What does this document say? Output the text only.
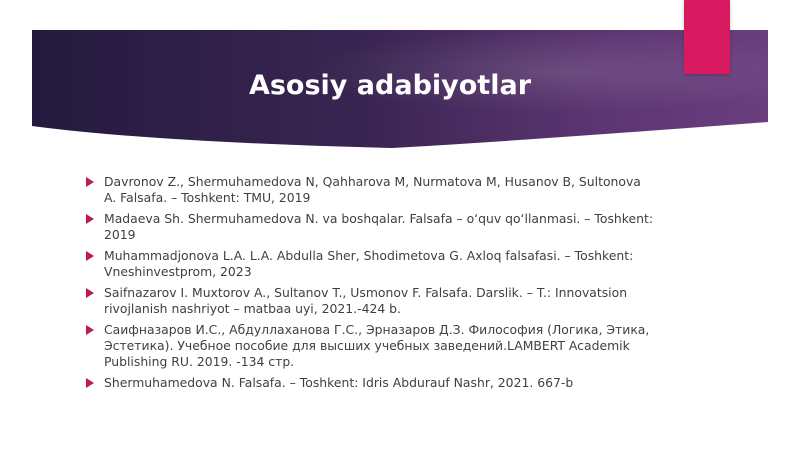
Asosiy adabiyotlar
Davronov Z., Shermuhamedova N, Qahharova M, Nurmatova M, Husanov B, Sultonova A. Falsafa. – Toshkent: TMU, 2019
Madaeva Sh. Shermuhamedova N. va boshqalar. Falsafa – o‘quv qo‘llanmasi. – Toshkent: 2019
Muhammadjonova L.A. L.A. Abdulla Sher, Shodimetova G. Axloq falsafasi. – Toshkent: Vneshinvestprom, 2023
Saifnazarov I. Muxtorov A., Sultanov T., Usmonov F. Falsafa. Darslik. – T.: Innovatsion rivojlanish nashriyot – matbaa uyi, 2021.-424 b.
Саифназаров И.С., Абдуллаханова Г.С., Эрназаров Д.З. Философия (Логика, Этика, Эстетика). Учебное пособие для высших учебных заведений.LAMBERT Academik Publishing RU. 2019. -134 стр.
Shermuhamedova N. Falsafa. – Toshkent: Idris Abdurauf Nashr, 2021. 667-b
